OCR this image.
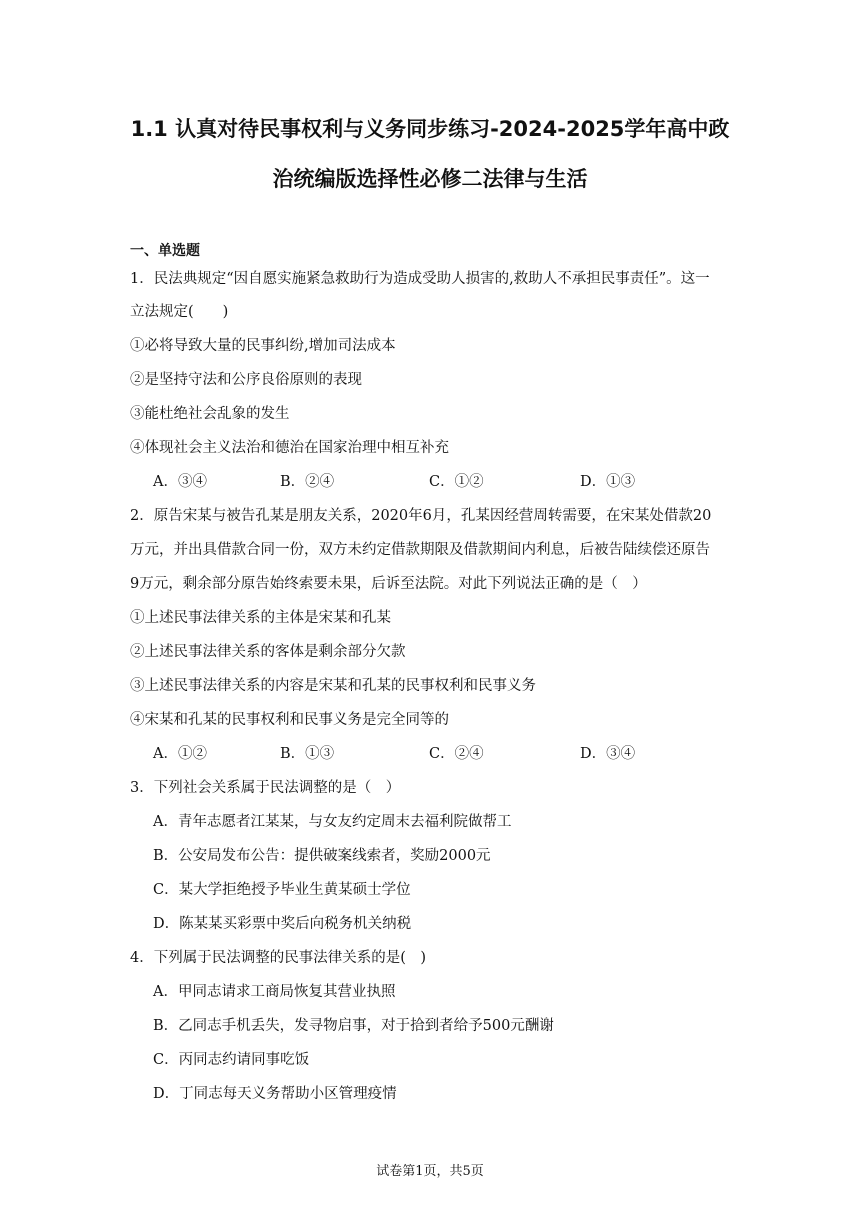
1.1 认真对待民事权利与义务同步练习-2024-2025学年高中政
治统编版选择性必修二法律与生活
一、单选题
1．民法典规定“因自愿实施紧急救助行为造成受助人损害的,救助人不承担民事责任”。这一
立法规定(　　)
①必将导致大量的民事纠纷,增加司法成本
②是坚持守法和公序良俗原则的表现
③能杜绝社会乱象的发生
④体现社会主义法治和德治在国家治理中相互补充
A．③④	B．②④	C．①②	D．①③
2．原告宋某与被告孔某是朋友关系，2020年6月，孔某因经营周转需要，在宋某处借款20
万元，并出具借款合同一份，双方未约定借款期限及借款期间内利息，后被告陆续偿还原告
9万元，剩余部分原告始终索要未果，后诉至法院。对此下列说法正确的是（　）
①上述民事法律关系的主体是宋某和孔某
②上述民事法律关系的客体是剩余部分欠款
③上述民事法律关系的内容是宋某和孔某的民事权利和民事义务
④宋某和孔某的民事权利和民事义务是完全同等的
A．①②	B．①③	C．②④	D．③④
3．下列社会关系属于民法调整的是（　）
A．青年志愿者江某某，与女友约定周末去福利院做帮工
B．公安局发布公告：提供破案线索者，奖励2000元
C．某大学拒绝授予毕业生黄某硕士学位
D．陈某某买彩票中奖后向税务机关纳税
4．下列属于民法调整的民事法律关系的是(　)
A．甲同志请求工商局恢复其营业执照
B．乙同志手机丢失，发寻物启事，对于拾到者给予500元酬谢
C．丙同志约请同事吃饭
D．丁同志每天义务帮助小区管理疫情
试卷第1页，共5页
